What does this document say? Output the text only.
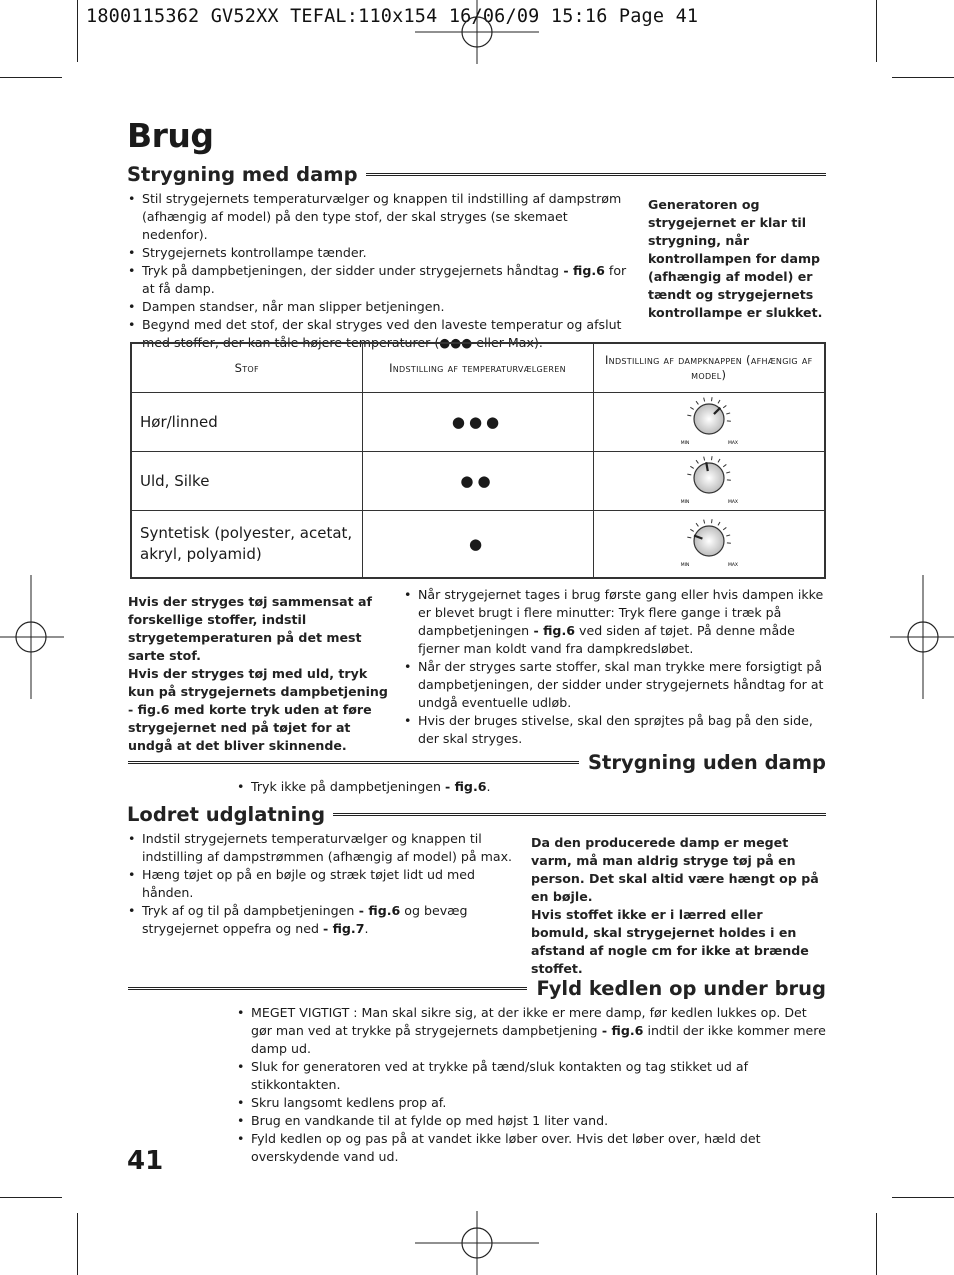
1800115362 GV52XX TEFAL:110x154 16/06/09 15:16 Page 41
Brug
Strygning med damp
• Stil strygejernets temperaturvælger og knappen til indstilling af dampstrøm (afhængig af model) på den type stof, der skal stryges (se skemaet nedenfor).
• Strygejernets kontrollampe tænder.
• Tryk på dampbetjeningen, der sidder under strygejernets håndtag - fig.6 for at få damp.
• Dampen standser, når man slipper betjeningen.
• Begynd med det stof, der skal stryges ved den laveste temperatur og afslut med stoffer, der kan tåle højere temperaturer (●●● eller Max).
Generatoren og strygejernet er klar til strygning, når kontrollampen for damp (afhængig af model) er tændt og strygejernets kontrollampe er slukket.
Stof	Indstilling af temperaturvælgeren	Indstilling af dampknappen (afhængig af model)
Hør/linned	●●●	MIN MAX

Uld, Silke	●●	MIN MAX

Syntetisk (polyester, acetat, akryl, polyamid)	●	MIN MAX
Hvis der stryges tøj sammensat af forskellige stoffer, indstil strygetemperaturen på det mest sarte stof.
Hvis der stryges tøj med uld, tryk kun på strygejernets dampbetjening - fig.6 med korte tryk uden at føre strygejernet ned på tøjet for at undgå at det bliver skinnende.
• Når strygejernet tages i brug første gang eller hvis dampen ikke er blevet brugt i flere minutter: Tryk flere gange i træk på dampbetjeningen - fig.6 ved siden af tøjet. På denne måde fjerner man koldt vand fra dampkredsløbet.
• Når der stryges sarte stoffer, skal man trykke mere forsigtigt på dampbetjeningen, der sidder under strygejernets håndtag for at undgå eventuelle udløb.
• Hvis der bruges stivelse, skal den sprøjtes på bag på den side, der skal stryges.
Strygning uden damp
• Tryk ikke på dampbetjeningen - fig.6.
Lodret udglatning
• Indstil strygejernets temperaturvælger og knappen til indstilling af dampstrømmen (afhængig af model) på max.
• Hæng tøjet op på en bøjle og stræk tøjet lidt ud med hånden.
• Tryk af og til på dampbetjeningen - fig.6 og bevæg strygejernet oppefra og ned - fig.7.
Da den producerede damp er meget varm, må man aldrig stryge tøj på en person. Det skal altid være hængt op på en bøjle.
Hvis stoffet ikke er i lærred eller bomuld, skal strygejernet holdes i en afstand af nogle cm for ikke at brænde stoffet.
Fyld kedlen op under brug
• MEGET VIGTIGT : Man skal sikre sig, at der ikke er mere damp, før kedlen lukkes op. Det gør man ved at trykke på strygejernets dampbetjening - fig.6 indtil der ikke kommer mere damp ud.
• Sluk for generatoren ved at trykke på tænd/sluk kontakten og tag stikket ud af stikkontakten.
• Skru langsomt kedlens prop af.
• Brug en vandkande til at fylde op med højst 1 liter vand.
• Fyld kedlen op og pas på at vandet ikke løber over. Hvis det løber over, hæld det overskydende vand ud.
41
